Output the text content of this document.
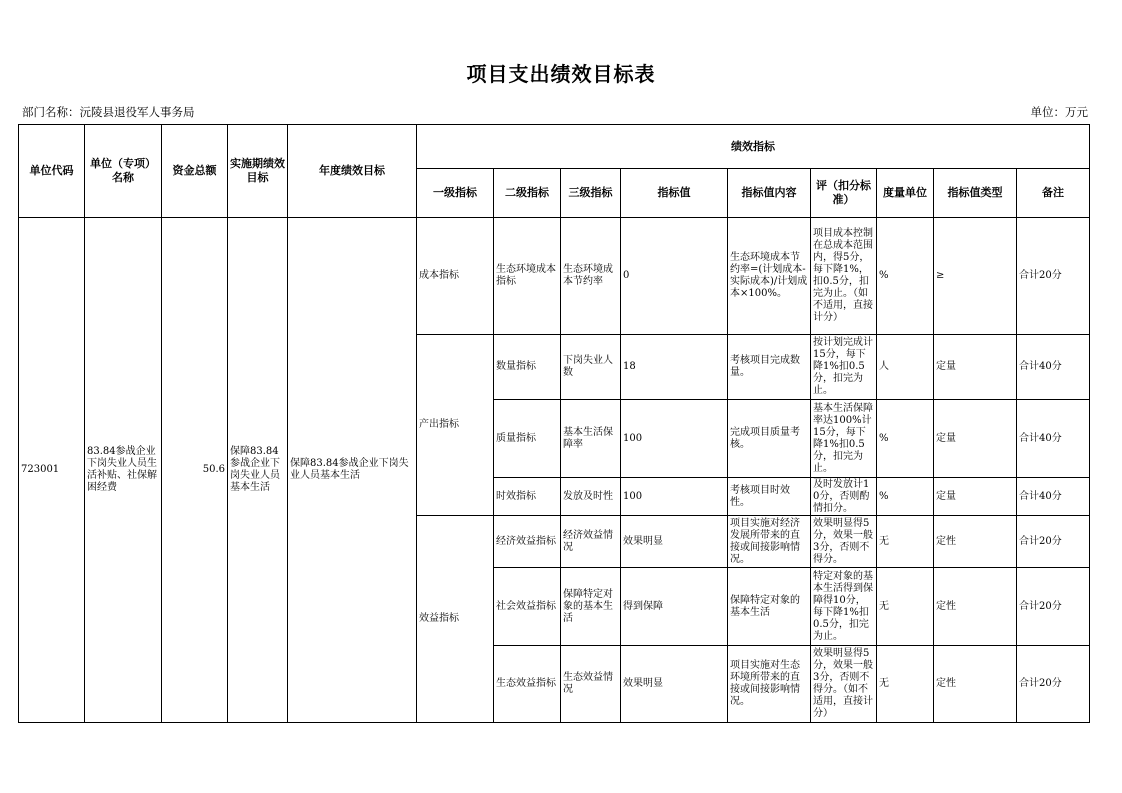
项目支出绩效目标表
部门名称：沅陵县退役军人事务局	单位：万元
单位代码	单位（专项）名称	资金总额	实施期绩效目标	年度绩效目标	绩效指标								
					一级指标	二级指标	三级指标	指标值	指标值内容	评（扣分标准）	度量单位	指标值类型	备注
723001	83.84参战企业下岗失业人员生活补贴、社保解困经费	50.6	保障83.84参战企业下岗失业人员基本生活	保障83.84参战企业下岗失业人员基本生活	成本指标	生态环境成本指标	生态环境成本节约率	0	生态环境成本节约率=(计划成本-实际成本)/计划成本×100%。	项目成本控制在总成本范围内，得5分，每下降1%，扣0.5分，扣完为止。（如不适用，直接计分）	%	≥	合计20分
					产出指标	数量指标	下岗失业人数	18	考核项目完成数量。	按计划完成计15分，每下降1%扣0.5分，扣完为止。	人	定量	合计40分
						质量指标	基本生活保障率	100	完成项目质量考核。	基本生活保障率达100%计15分，每下降1%扣0.5分，扣完为止。	%	定量	合计40分
						时效指标	发放及时性	100	考核项目时效性。	及时发放计10分，否则酌情扣分。	%	定量	合计40分
					效益指标	经济效益指标	经济效益情况	效果明显	项目实施对经济发展所带来的直接或间接影响情况。	效果明显得5分，效果一般3分，否则不得分。	无	定性	合计20分
						社会效益指标	保障特定对象的基本生活	得到保障	保障特定对象的基本生活	特定对象的基本生活得到保障得10分，每下降1%扣0.5分，扣完为止。	无	定性	合计20分
						生态效益指标	生态效益情况	效果明显	项目实施对生态环境所带来的直接或间接影响情况。	效果明显得5分，效果一般3分，否则不得分。（如不适用，直接计分）	无	定性	合计20分
